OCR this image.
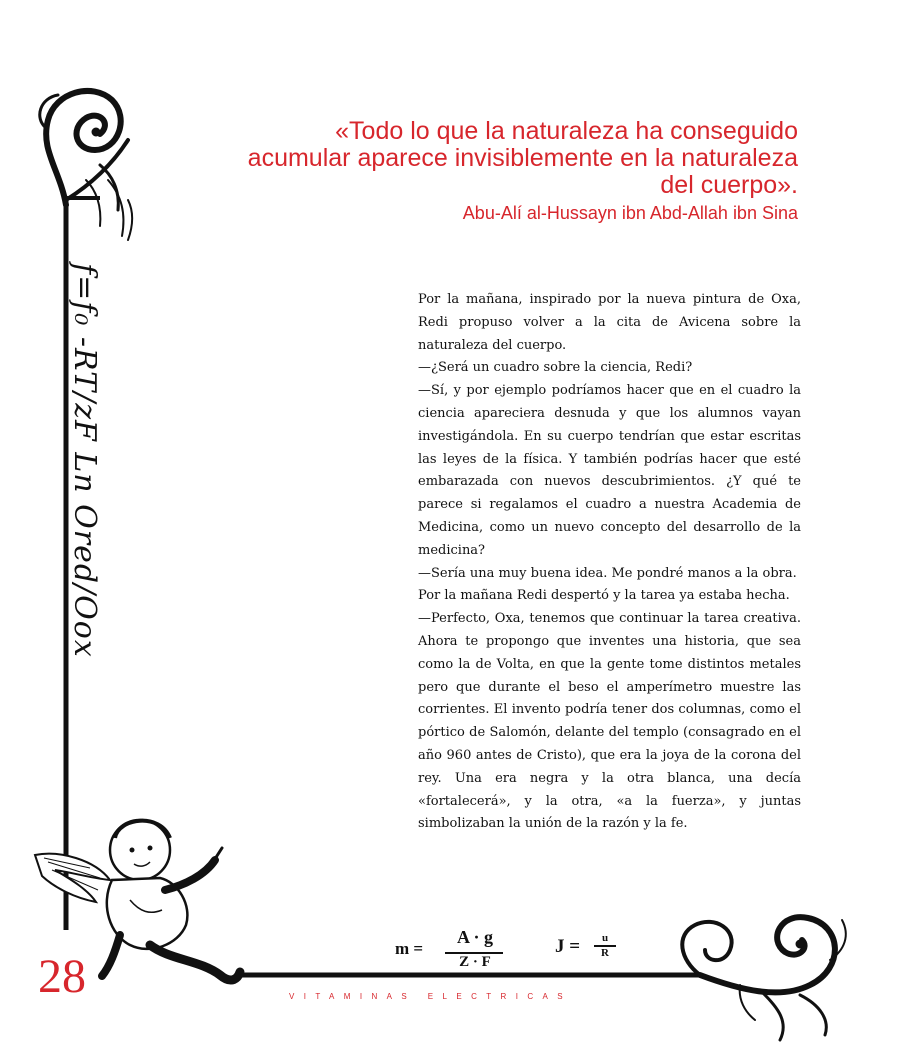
«Todo lo que la naturaleza ha conseguido acumular aparece invisiblemente en la naturaleza del cuerpo».
Abu-Alí al-Hussayn ibn Abd-Allah ibn Sina
f=f₀ -RT/zF Ln Ored/Oox	Por la mañana, inspirado por la nueva pintura de Oxa, Redi propuso volver a la cita de Avicena sobre la naturaleza del cuerpo.

—¿Será un cuadro sobre la ciencia, Redi?

—Sí, y por ejemplo podríamos hacer que en el cuadro la ciencia apareciera desnuda y que los alumnos vayan investigándola. En su cuerpo tendrían que estar escritas las leyes de la física. Y también podrías hacer que esté embarazada con nuevos descubrimientos. ¿Y qué te parece si regalamos el cuadro a nuestra Academia de Medicina, como un nuevo concepto del desarrollo de la medicina?

—Sería una muy buena idea. Me pondré manos a la obra.

Por la mañana Redi despertó y la tarea ya estaba hecha.

—Perfecto, Oxa, tenemos que continuar la tarea creativa. Ahora te propongo que inventes una historia, que sea como la de Volta, en que la gente tome distintos metales pero que durante el beso el amperímetro muestre las corrientes. El invento podría tener dos columnas, como el pórtico de Salomón, delante del templo (consagrado en el año 960 antes de Cristo), que era la joya de la corona del rey. Una era negra y la otra blanca, una decía «fortalecerá», y la otra, «a la fuerza», y juntas simbolizaban la unión de la razón y la fe.

m =
A · g
Z · F
J =	u
R
28	VITAMINAS ELECTRICAS
